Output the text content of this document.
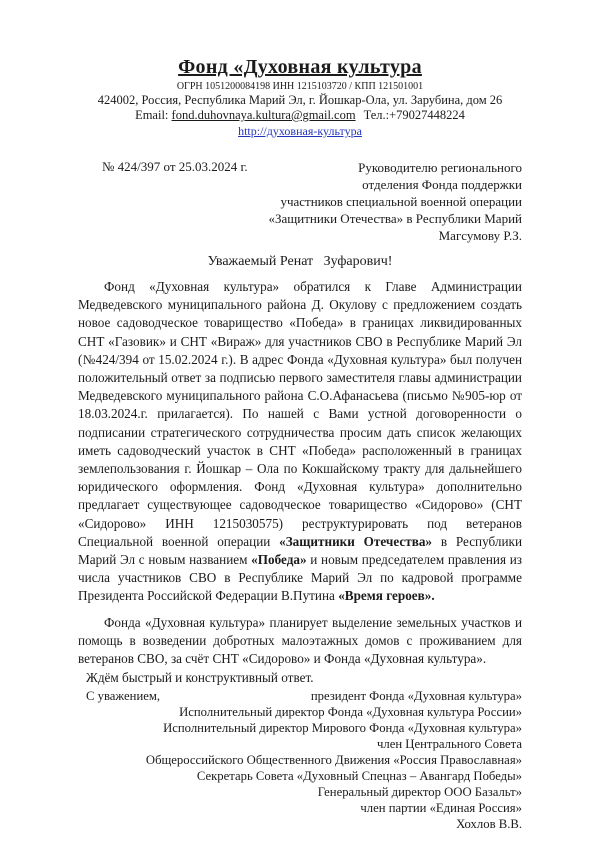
Фонд «Духовная культура
ОГРН 1051200084198 ИНН 1215103720 / КПП 121501001
424002, Россия, Республика Марий Эл, г. Йошкар-Ола, ул. Зарубина, дом 26
Email: fond.duhovnaya.kultura@gmail.com Тел.:+79027448224
http://духовная-культура
№ 424/397 от 25.03.2024 г.	Руководителю регионального
отделения Фонда поддержки
участников специальной военной операции
«Защитники Отечества» в Республики Марий
Магсумову Р.З.
Уважаемый Ренат   Зуфарович!

Фонд «Духовная культура» обратился к Главе Администрации Медведевского муниципального района Д. Окулову с предложением создать новое садоводческое товарищество «Победа» в границах ликвидированных СНТ «Газовик» и СНТ «Вираж» для участников СВО в Республике Марий Эл (№424/394 от 15.02.2024 г.). В адрес Фонда «Духовная культура» был получен положительный ответ за подписью первого заместителя главы администрации Медведевского муниципального района С.О.Афанасьева (письмо №905-юр от 18.03.2024.г. прилагается). По нашей с Вами устной договоренности о подписании стратегического сотрудничества просим дать список желающих иметь садоводческий участок в СНТ «Победа» расположенный в границах землепользования г. Йошкар – Ола по Кокшайскому тракту для дальнейшего юридического оформления. Фонд «Духовная культура» дополнительно предлагает существующее садоводческое товарищество «Сидорово» (СНТ «Сидорово» ИНН 1215030575) реструктурировать под ветеранов Специальной военной операции «Защитники Отечества» в Республики Марий Эл с новым названием «Победа» и новым председателем правления из числа участников СВО в Республике Марий Эл по кадровой программе Президента Российской Федерации В.Путина «Время героев».

Фонда «Духовная культура» планирует выделение земельных участков и помощь в возведении добротных малоэтажных домов с проживанием для ветеранов СВО, за счёт СНТ «Сидорово» и Фонда «Духовная культура».

Ждём быстрый и конструктивный ответ.
С уважением,	президент Фонда «Духовная культура»
Исполнительный директор Фонда «Духовная культура России»
Исполнительный директор Мирового Фонда «Духовная культура»
член Центрального Совета
Общероссийского Общественного Движения «Россия Православная»
Секретарь Совета «Духовный Спецназ – Авангард Победы»
Генеральный директор ООО Базальт»
член партии «Единая Россия»
Хохлов В.В.
